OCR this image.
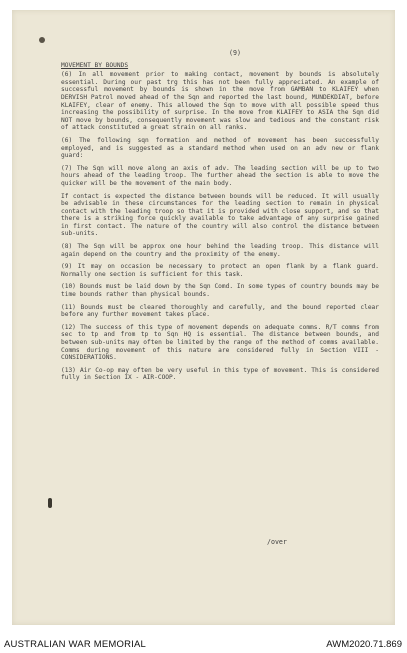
(9)
MOVEMENT BY BOUNDS
(6) In all movement prior to making contact, movement by bounds is absolutely essential. During our past trg this has not been fully appreciated. An example of successful movement by bounds is shown in the move from GAMBAN to KLAIFEY when DERVISH Patrol moved ahead of the Sqn and reported the last bound, MUNDEKDIAT, before KLAIFEY, clear of enemy. This allowed the Sqn to move with all possible speed thus increasing the possibility of surprise. In the move from KLAIFEY to ASIA the Sqn did NOT move by bounds, consequently movement was slow and tedious and the constant risk of attack constituted a great strain on all ranks.
(6) The following sqn formation and method of movement has been successfully employed, and is suggested as a standard method when used on an adv new or flank guard:
(7) The Sqn will move along an axis of adv. The leading section will be up to two hours ahead of the leading troop. The further ahead the section is able to move the quicker will be the movement of the main body.
If contact is expected the distance between bounds will be reduced. It will usually be advisable in these circumstances for the leading section to remain in physical contact with the leading troop so that it is provided with close support, and so that there is a striking force quickly available to take advantage of any surprise gained in first contact. The nature of the country will also control the distance between sub-units.
(8) The Sqn will be approx one hour behind the leading troop. This distance will again depend on the country and the proximity of the enemy.
(9) It may on occasion be necessary to protect an open flank by a flank guard. Normally one section is sufficient for this task.
(10) Bounds must be laid down by the Sqn Comd. In some types of country bounds may be time bounds rather than physical bounds.
(11) Bounds must be cleared thoroughly and carefully, and the bound reported clear before any further movement takes place.
(12) The success of this type of movement depends on adequate comms. R/T comms from sec to tp and from tp to Sqn HQ is essential. The distance between bounds, and between sub-units may often be limited by the range of the method of comms available. Comms during movement of this nature are considered fully in Section VIII - CONSIDERATIONS.
(13) Air Co-op may often be very useful in this type of movement. This is considered fully in Section IX - AIR-COOP.
/over
AUSTRALIAN WAR MEMORIAL	AWM2020.71.869
